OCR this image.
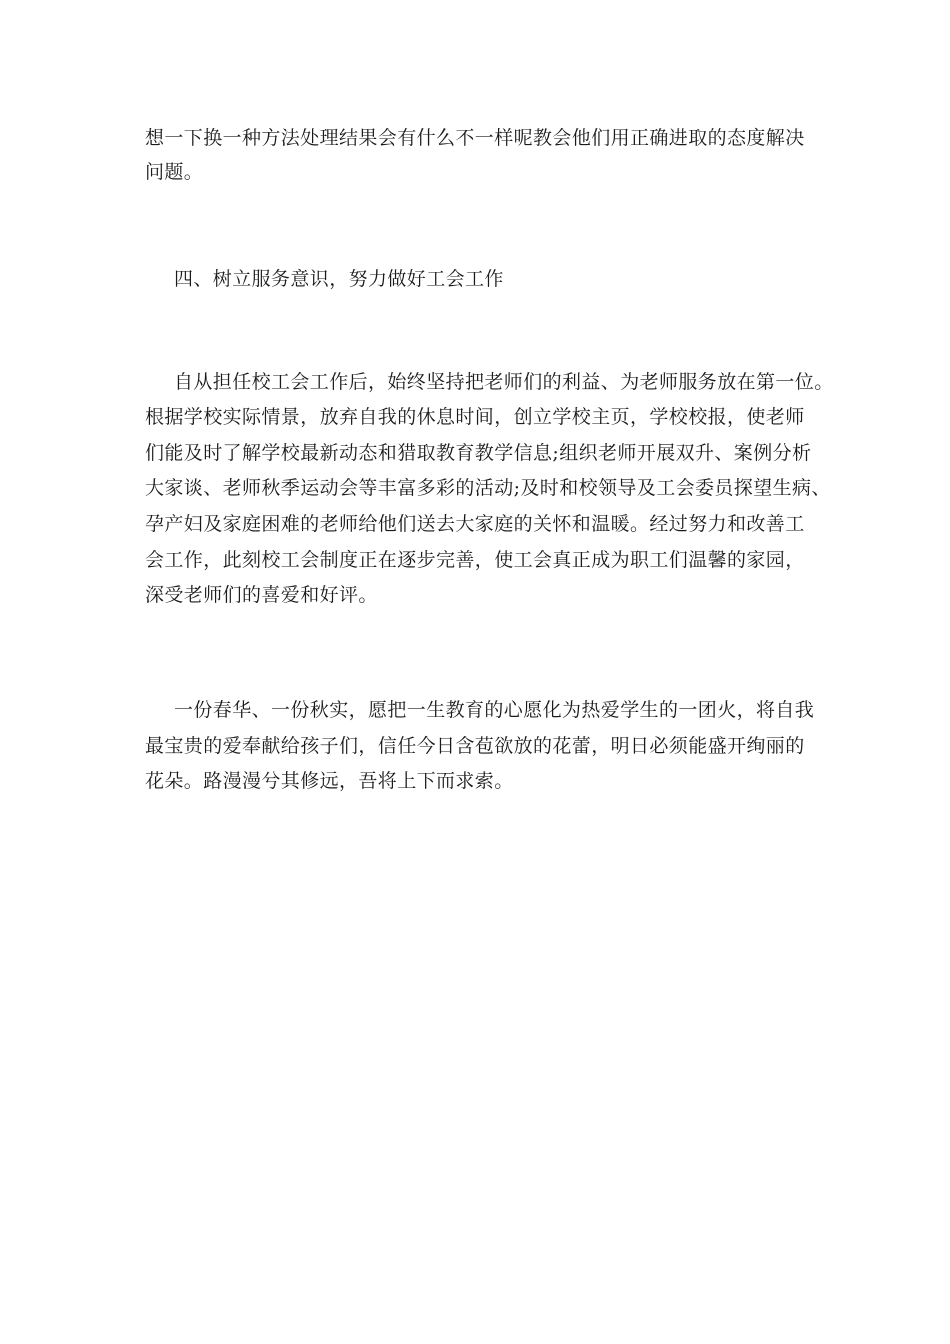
想一下换一种方法处理结果会有什么不一样呢教会他们用正确进取的态度解决
问题。
四、树立服务意识，努力做好工会工作
自从担任校工会工作后，始终坚持把老师们的利益、为老师服务放在第一位。
根据学校实际情景，放弃自我的休息时间，创立学校主页，学校校报，使老师
们能及时了解学校最新动态和猎取教育教学信息;组织老师开展双升、案例分析
大家谈、老师秋季运动会等丰富多彩的活动;及时和校领导及工会委员探望生病、
孕产妇及家庭困难的老师给他们送去大家庭的关怀和温暖。经过努力和改善工
会工作，此刻校工会制度正在逐步完善，使工会真正成为职工们温馨的家园，
深受老师们的喜爱和好评。
一份春华、一份秋实，愿把一生教育的心愿化为热爱学生的一团火，将自我
最宝贵的爱奉献给孩子们，信任今日含苞欲放的花蕾，明日必须能盛开绚丽的
花朵。路漫漫兮其修远，吾将上下而求索。
